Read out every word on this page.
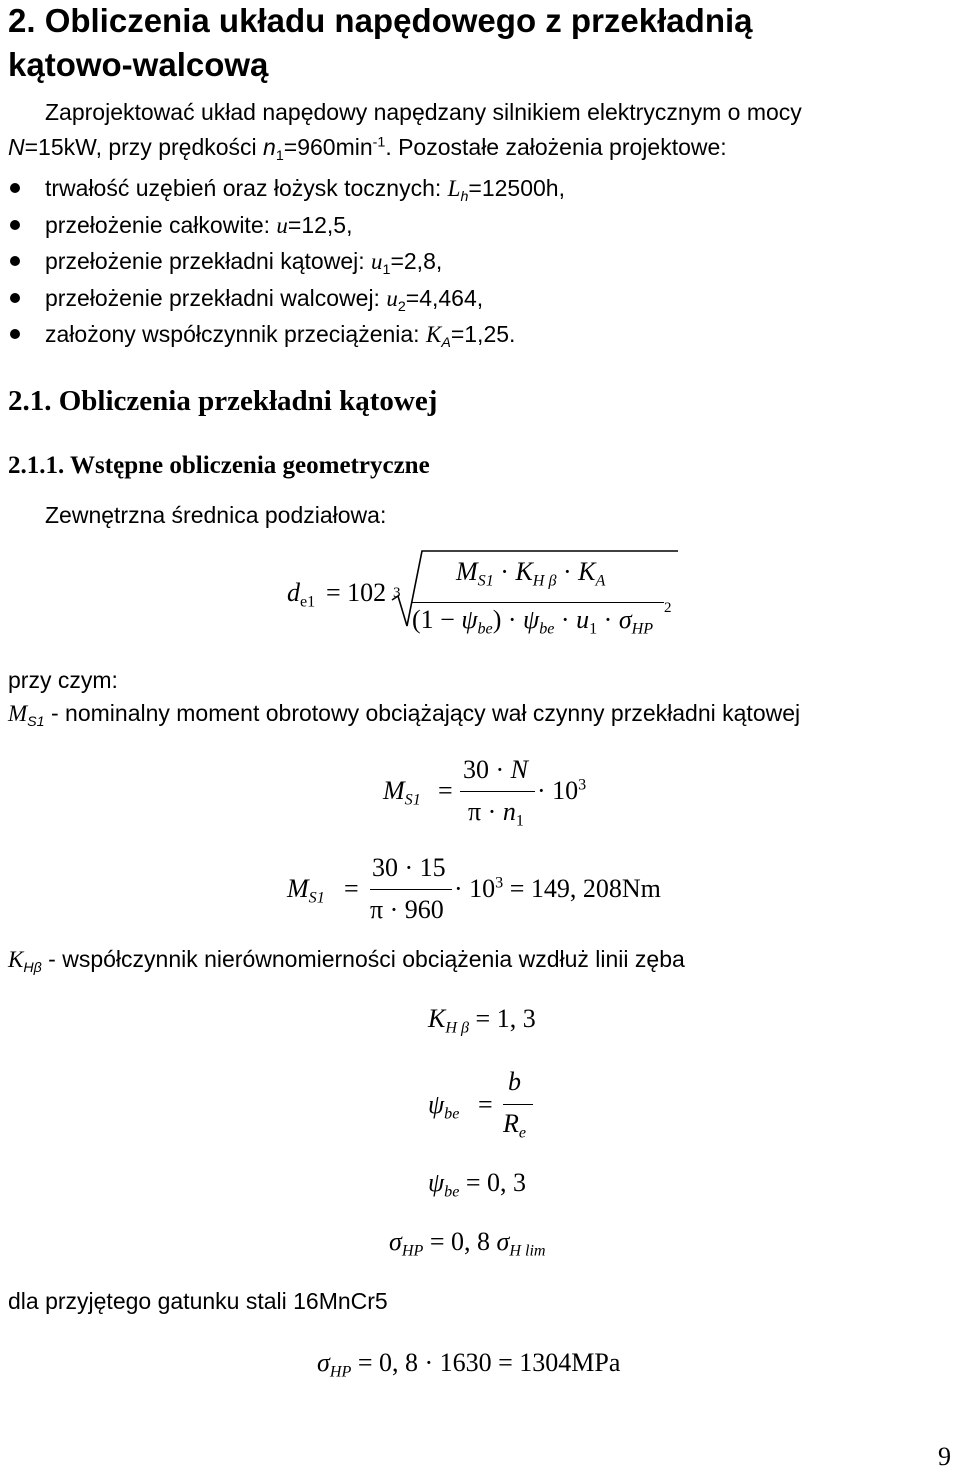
2. Obliczenia układu napędowego z przekładnią
kątowo-walcową
Zaprojektować układ napędowy napędzany silnikiem elektrycznym o mocy
N=15kW, przy prędkości $n_1=960\min^{-1}$. Pozostałe założenia projektowe:
trwałość uzębień oraz łożysk tocznych: $L_h=12500h$,
przełożenie całkowite: u=12,5,
przełożenie przekładni kątowej: $u_1=2,8$,
przełożenie przekładni walcowej: $u_2=4,464$,
założony współczynnik przeciążenia: $K_A=1,25$.
2.1. Obliczenia przekładni kątowej
2.1.1. Wstępne obliczenia geometryczne
Zewnętrzna średnica podziałowa:
$d_{e1} = 102$ 3
$M_{S1} \cdot K_{H \beta} \cdot K_A$
$(1 - \psi_{be}) \cdot \psi_{be} \cdot u_1 \cdot \sigma_{HP}$
2
przy czym:
$M_{S1}$ - nominalny moment obrotowy obciążający wał czynny przekładni kątowej
$M_{S1}$ =
30 · N
$\pi \cdot n_1$
· $10^3$
$M_{S1}$ =
30 · 15
π · 960
· $10^3 = 149$, 208Nm
$K_{H\beta}$ - współczynnik nierównomierności obciążenia wzdłuż linii zęba
$K_{H \beta} = 1$, 3
$\psi_{be}$ =
b
$R_e$
$\psi_{be} = 0$, 3
$\sigma_{HP} = 0$, 8 $\sigma_{H lim}$
dla przyjętego gatunku stali 16MnCr5
$\sigma_{HP} = 0$, 8 · 1630 = 1304MPa
9
